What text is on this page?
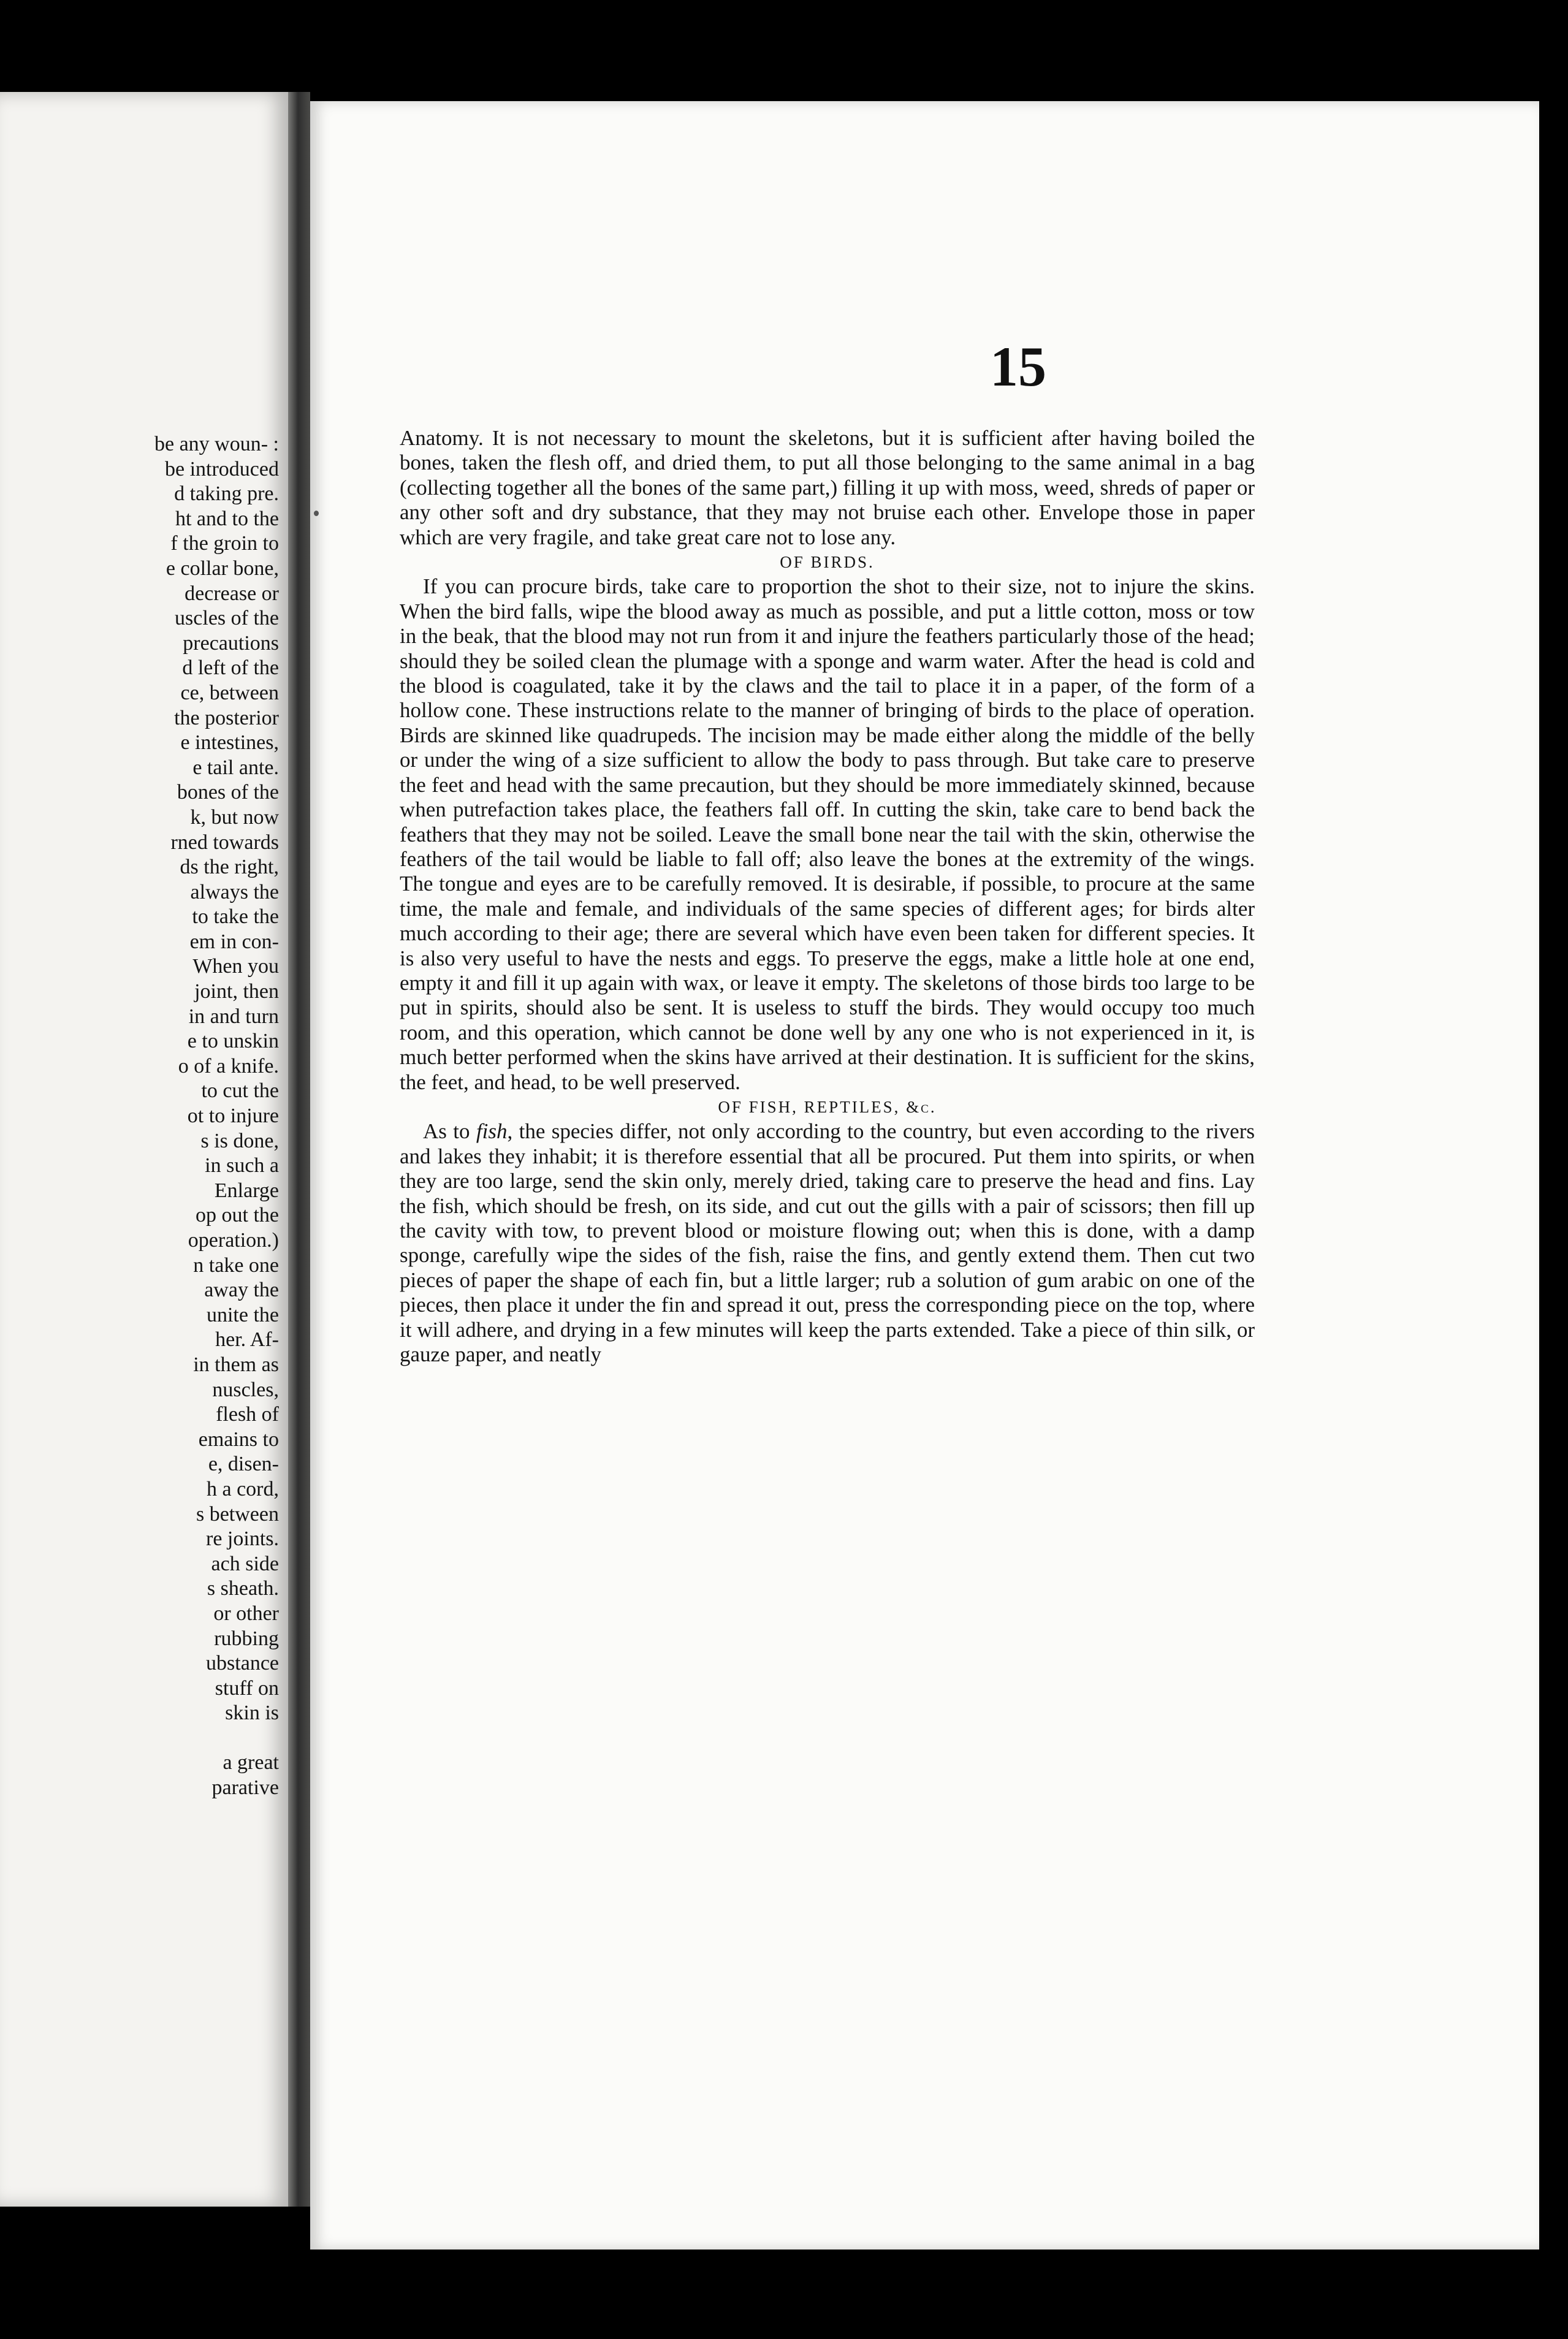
be any woun- :
be introduced
d taking pre.
ht and to the
f the groin to
e collar bone,
decrease or
uscles of the
precautions
d left of the
ce, between
the posterior
e intestines,
e tail ante.
bones of the
k, but now
rned towards
ds the right,
always the
to take the
em in con-
When you
joint, then
in and turn
e to unskin
o of a knife.
to cut the
ot to injure
s is done,
in such a
Enlarge
op out the
operation.)
n take one
away the
unite the
her. Af-
in them as
nuscles,
flesh of
emains to
e, disen-
h a cord,
s between
re joints.
ach side
s sheath.
or other
rubbing
ubstance
stuff on
skin is
a great
parative
15

Anatomy. It is not necessary to mount the skeletons, but it is sufficient after having boiled the bones, taken the flesh off, and dried them, to put all those belonging to the same animal in a bag (collecting together all the bones of the same part,) filling it up with moss, weed, shreds of paper or any other soft and dry substance, that they may not bruise each other. Envelope those in paper which are very fragile, and take great care not to lose any.

OF BIRDS.

If you can procure birds, take care to proportion the shot to their size, not to injure the skins. When the bird falls, wipe the blood away as much as possible, and put a little cotton, moss or tow in the beak, that the blood may not run from it and injure the feathers particularly those of the head; should they be soiled clean the plumage with a sponge and warm water. After the head is cold and the blood is coagulated, take it by the claws and the tail to place it in a paper, of the form of a hollow cone. These instructions relate to the manner of bringing of birds to the place of operation. Birds are skinned like quadrupeds. The incision may be made either along the middle of the belly or under the wing of a size sufficient to allow the body to pass through. But take care to preserve the feet and head with the same precaution, but they should be more immediately skinned, because when putrefaction takes place, the feathers fall off. In cutting the skin, take care to bend back the feathers that they may not be soiled. Leave the small bone near the tail with the skin, otherwise the feathers of the tail would be liable to fall off; also leave the bones at the extremity of the wings. The tongue and eyes are to be carefully removed. It is desirable, if possible, to procure at the same time, the male and female, and individuals of the same species of different ages; for birds alter much according to their age; there are several which have even been taken for different species. It is also very useful to have the nests and eggs. To preserve the eggs, make a little hole at one end, empty it and fill it up again with wax, or leave it empty. The skeletons of those birds too large to be put in spirits, should also be sent. It is useless to stuff the birds. They would occupy too much room, and this operation, which cannot be done well by any one who is not experienced in it, is much better performed when the skins have arrived at their destination. It is sufficient for the skins, the feet, and head, to be well preserved.

OF FISH, REPTILES, &c.

As to fish, the species differ, not only according to the country, but even according to the rivers and lakes they inhabit; it is therefore essential that all be procured. Put them into spirits, or when they are too large, send the skin only, merely dried, taking care to preserve the head and fins. Lay the fish, which should be fresh, on its side, and cut out the gills with a pair of scissors; then fill up the cavity with tow, to prevent blood or moisture flowing out; when this is done, with a damp sponge, carefully wipe the sides of the fish, raise the fins, and gently extend them. Then cut two pieces of paper the shape of each fin, but a little larger; rub a solution of gum arabic on one of the pieces, then place it under the fin and spread it out, press the corresponding piece on the top, where it will adhere, and drying in a few minutes will keep the parts extended. Take a piece of thin silk, or gauze paper, and neatly
